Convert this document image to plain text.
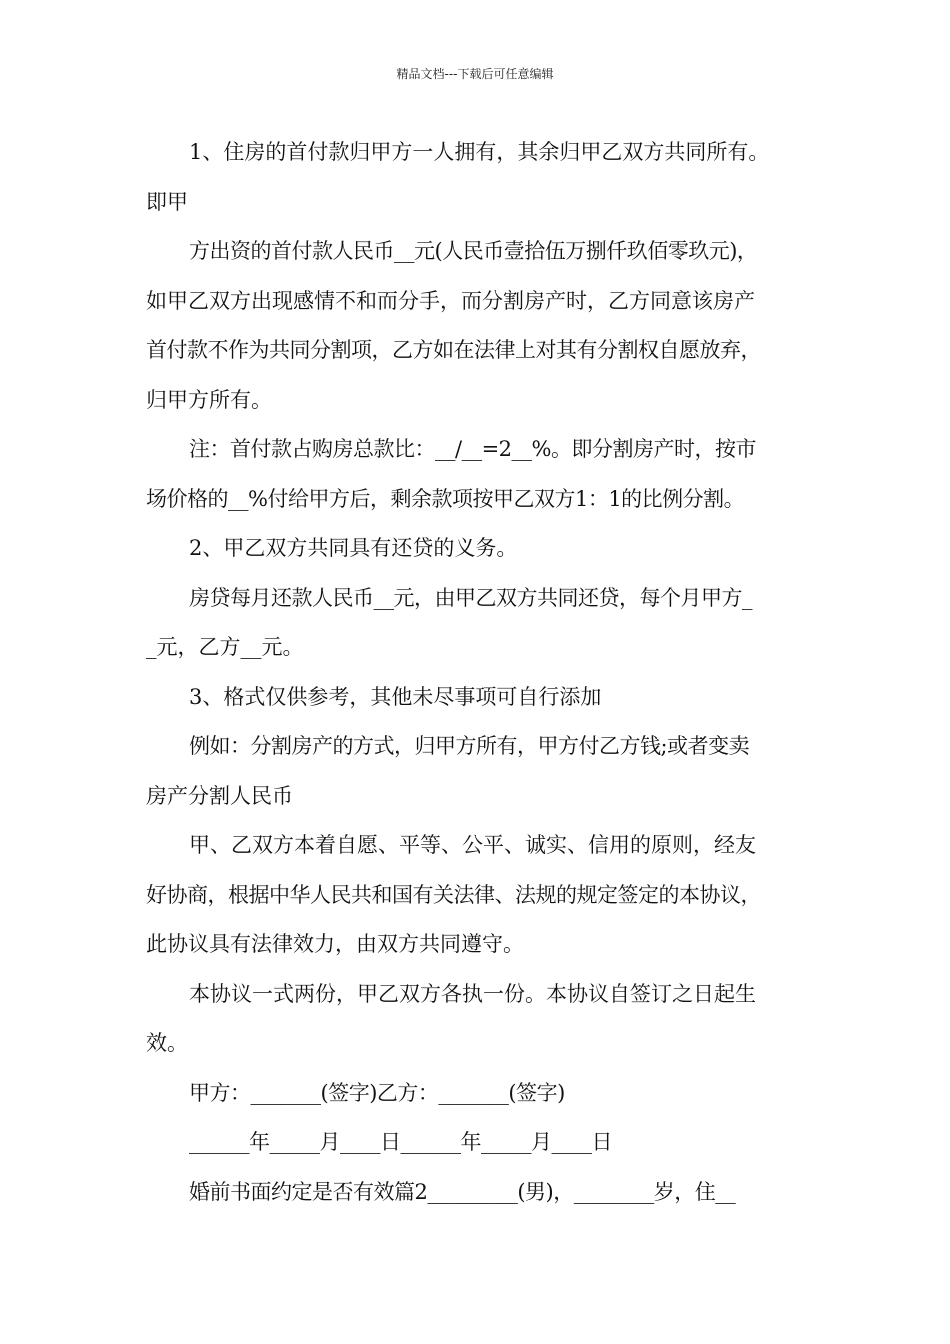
精品文档---下载后可任意编辑
1、住房的首付款归甲方一人拥有，其余归甲乙双方共同所有。
即甲
方出资的首付款人民币__元(人民币壹拾伍万捌仟玖佰零玖元)，
如甲乙双方出现感情不和而分手，而分割房产时，乙方同意该房产
首付款不作为共同分割项，乙方如在法律上对其有分割权自愿放弃，
归甲方所有。
注：首付款占购房总款比：__/__=2__%。即分割房产时，按市
场价格的__%付给甲方后，剩余款项按甲乙双方1：1的比例分割。
2、甲乙双方共同具有还贷的义务。
房贷每月还款人民币__元，由甲乙双方共同还贷，每个月甲方_
_元，乙方__元。
3、格式仅供参考，其他未尽事项可自行添加
例如：分割房产的方式，归甲方所有，甲方付乙方钱;或者变卖
房产分割人民币
甲、乙双方本着自愿、平等、公平、诚实、信用的原则，经友
好协商，根据中华人民共和国有关法律、法规的规定签定的本协议，
此协议具有法律效力，由双方共同遵守。
本协议一式两份，甲乙双方各执一份。本协议自签订之日起生
效。
甲方：_______(签字)乙方：_______(签字)
______年_____月____日______年_____月____日
婚前书面约定是否有效篇2_________(男)，________岁，住__
